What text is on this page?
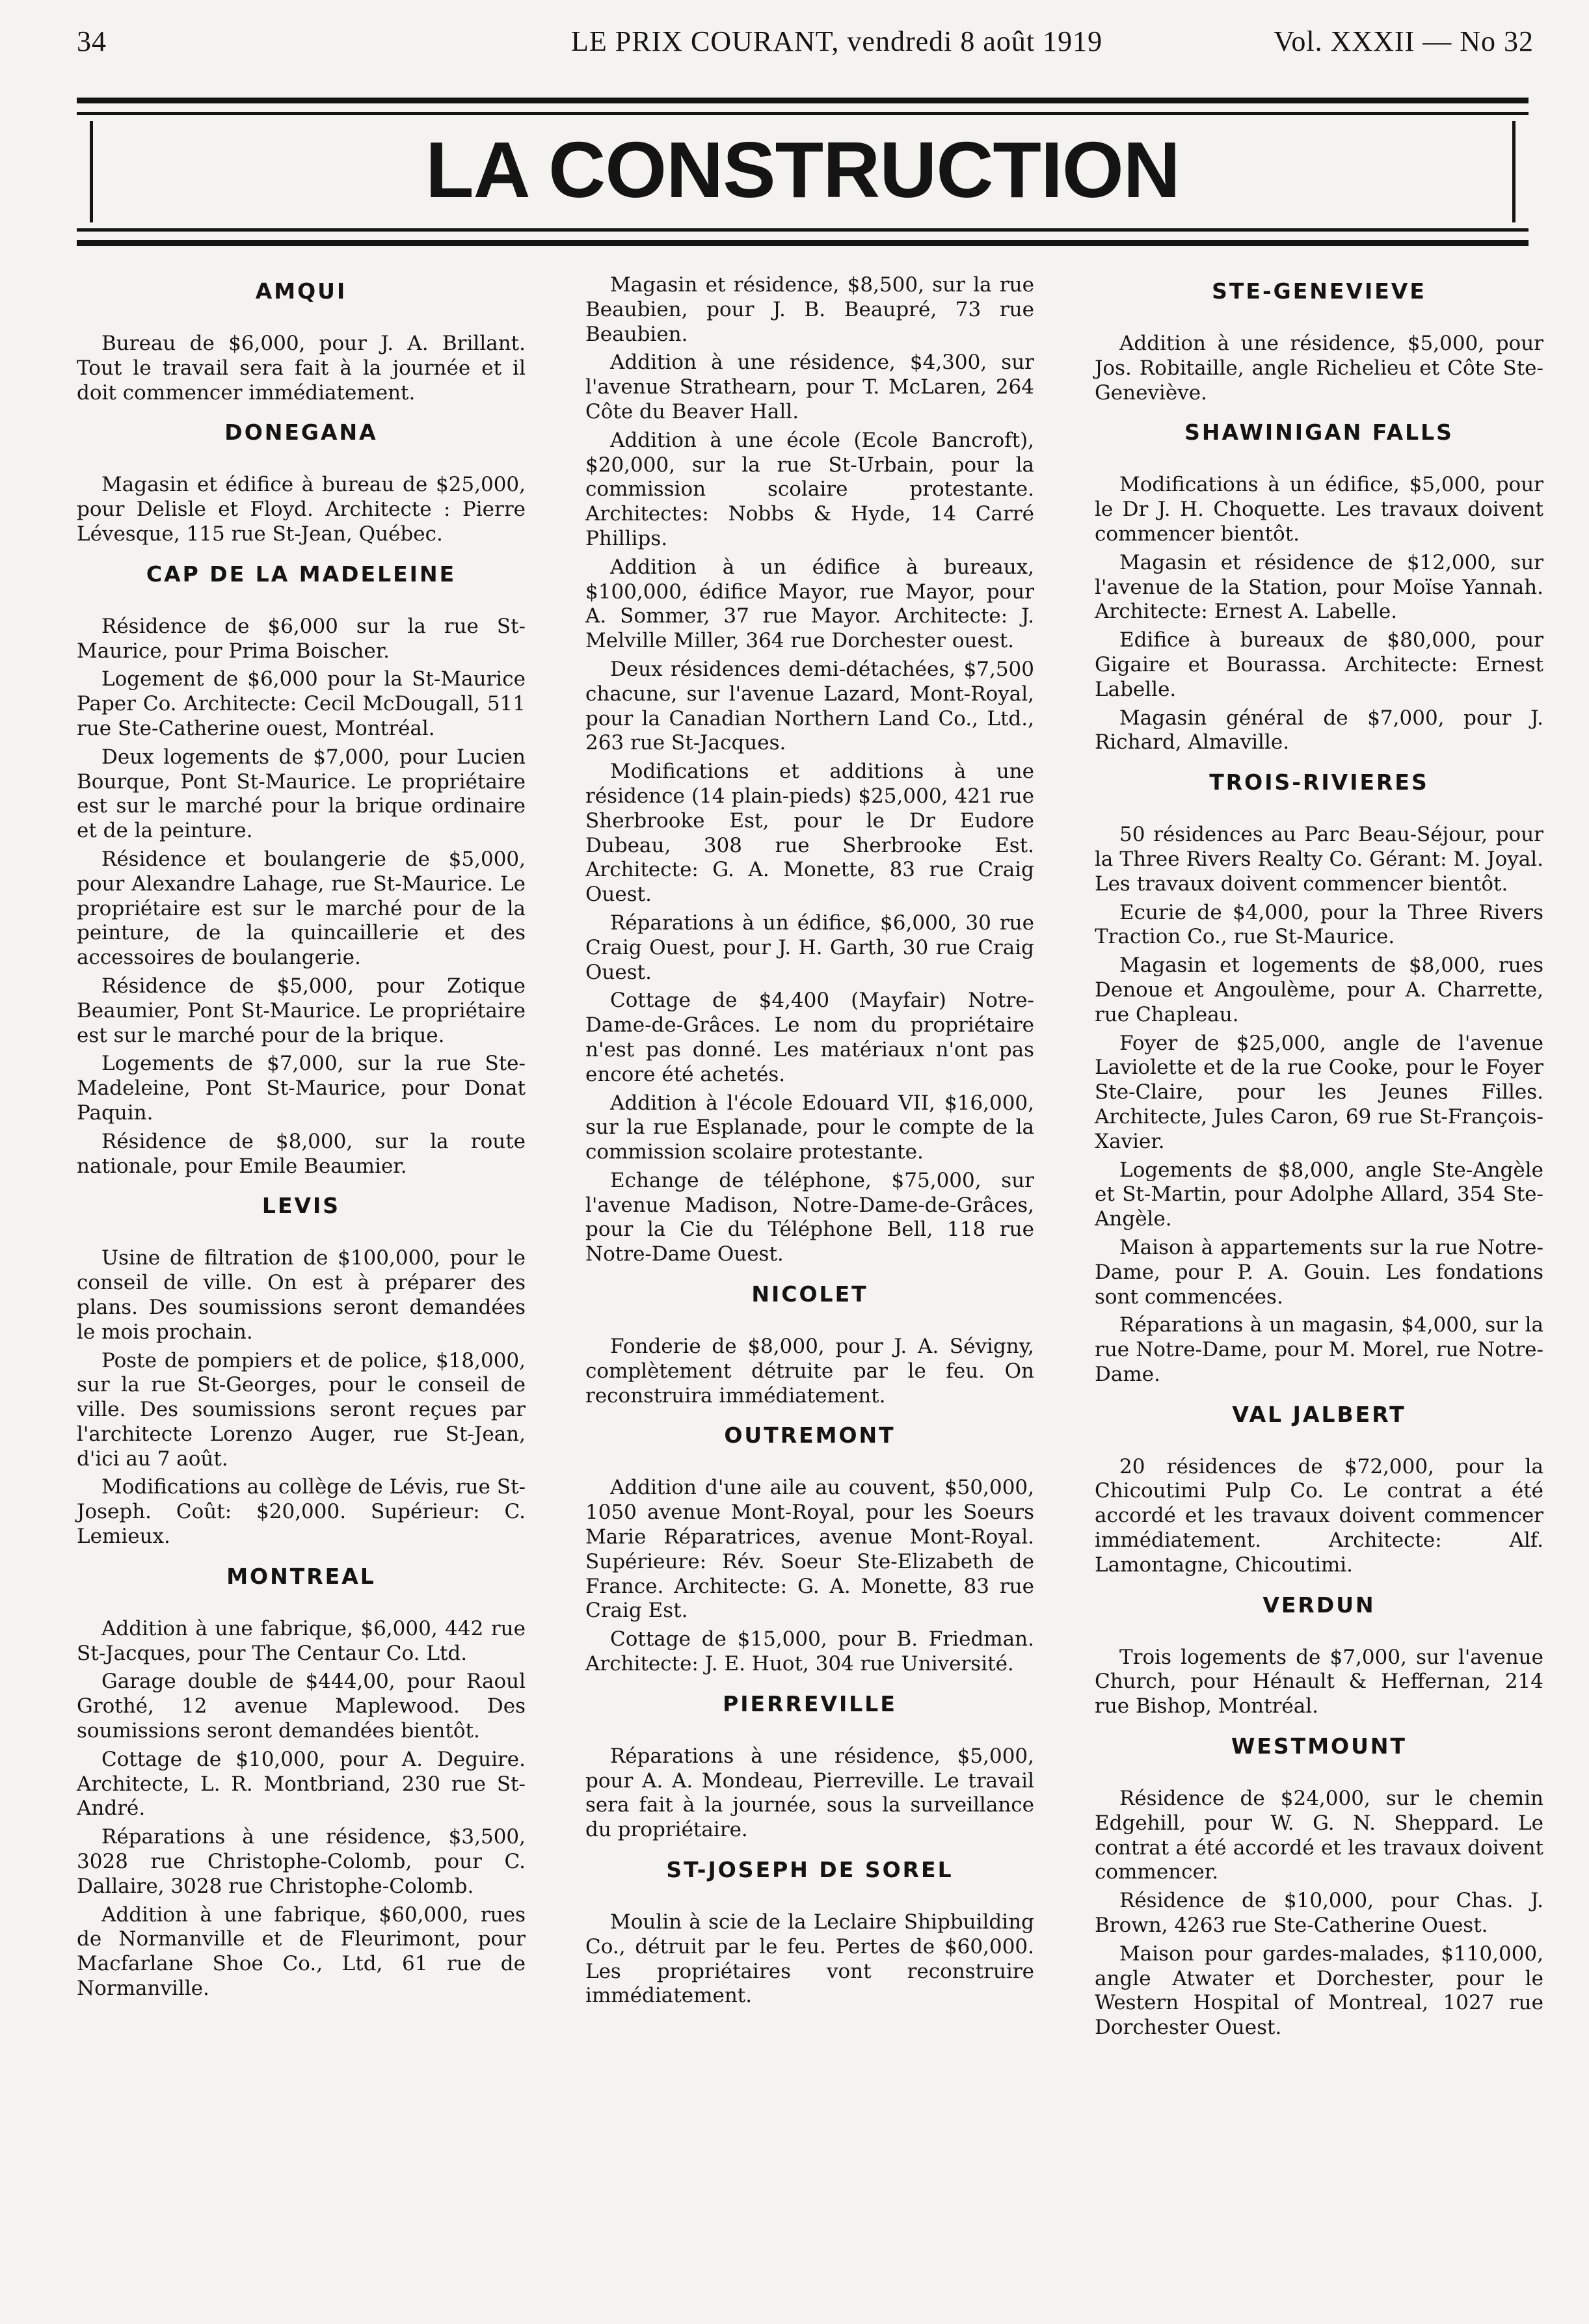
34	LE PRIX COURANT, vendredi 8 août 1919	Vol. XXXII — No 32
LA CONSTRUCTION
AMQUI

Bureau de $6,000, pour J. A. Brillant. Tout le travail sera fait à la journée et il doit commencer immédiatement.

DONEGANA

Magasin et édifice à bureau de $25,000, pour Delisle et Floyd. Architecte : Pierre Lévesque, 115 rue St-Jean, Québec.

CAP DE LA MADELEINE

Résidence de $6,000 sur la rue St-Maurice, pour Prima Boischer.

Logement de $6,000 pour la St-Maurice Paper Co. Architecte: Cecil McDougall, 511 rue Ste-Catherine ouest, Montréal.

Deux logements de $7,000, pour Lucien Bourque, Pont St-Maurice. Le propriétaire est sur le marché pour la brique ordinaire et de la peinture.

Résidence et boulangerie de $5,000, pour Alexandre Lahage, rue St-Maurice. Le propriétaire est sur le marché pour de la peinture, de la quincaillerie et des accessoires de boulangerie.

Résidence de $5,000, pour Zotique Beaumier, Pont St-Maurice. Le propriétaire est sur le marché pour de la brique.

Logements de $7,000, sur la rue Ste-Madeleine, Pont St-Maurice, pour Donat Paquin.

Résidence de $8,000, sur la route nationale, pour Emile Beaumier.

LEVIS

Usine de filtration de $100,000, pour le conseil de ville. On est à préparer des plans. Des soumissions seront demandées le mois prochain.

Poste de pompiers et de police, $18,000, sur la rue St-Georges, pour le conseil de ville. Des soumissions seront reçues par l'architecte Lorenzo Auger, rue St-Jean, d'ici au 7 août.

Modifications au collège de Lévis, rue St-Joseph. Coût: $20,000. Supérieur: C. Lemieux.

MONTREAL

Addition à une fabrique, $6,000, 442 rue St-Jacques, pour The Centaur Co. Ltd.

Garage double de $444,00, pour Raoul Grothé, 12 avenue Maplewood. Des soumissions seront demandées bientôt.

Cottage de $10,000, pour A. Deguire. Architecte, L. R. Montbriand, 230 rue St-André.

Réparations à une résidence, $3,500, 3028 rue Christophe-Colomb, pour C. Dallaire, 3028 rue Christophe-Colomb.

Addition à une fabrique, $60,000, rues de Normanville et de Fleurimont, pour Macfarlane Shoe Co., Ltd, 61 rue de Normanville.

Magasin et résidence, $8,500, sur la rue Beaubien, pour J. B. Beaupré, 73 rue Beaubien.

Addition à une résidence, $4,300, sur l'avenue Strathearn, pour T. McLaren, 264 Côte du Beaver Hall.

Addition à une école (Ecole Bancroft), $20,000, sur la rue St-Urbain, pour la commission scolaire protestante. Architectes: Nobbs & Hyde, 14 Carré Phillips.

Addition à un édifice à bureaux, $100,000, édifice Mayor, rue Mayor, pour A. Sommer, 37 rue Mayor. Architecte: J. Melville Miller, 364 rue Dorchester ouest.

Deux résidences demi-détachées, $7,500 chacune, sur l'avenue Lazard, Mont-Royal, pour la Canadian Northern Land Co., Ltd., 263 rue St-Jacques.

Modifications et additions à une résidence (14 plain-pieds) $25,000, 421 rue Sherbrooke Est, pour le Dr Eudore Dubeau, 308 rue Sherbrooke Est. Architecte: G. A. Monette, 83 rue Craig Ouest.

Réparations à un édifice, $6,000, 30 rue Craig Ouest, pour J. H. Garth, 30 rue Craig Ouest.

Cottage de $4,400 (Mayfair) Notre-Dame-de-Grâces. Le nom du propriétaire n'est pas donné. Les matériaux n'ont pas encore été achetés.

Addition à l'école Edouard VII, $16,000, sur la rue Esplanade, pour le compte de la commission scolaire protestante.

Echange de téléphone, $75,000, sur l'avenue Madison, Notre-Dame-de-Grâces, pour la Cie du Téléphone Bell, 118 rue Notre-Dame Ouest.

NICOLET

Fonderie de $8,000, pour J. A. Sévigny, complètement détruite par le feu. On reconstruira immédiatement.

OUTREMONT

Addition d'une aile au couvent, $50,000, 1050 avenue Mont-Royal, pour les Soeurs Marie Réparatrices, avenue Mont-Royal. Supérieure: Rév. Soeur Ste-Elizabeth de France. Architecte: G. A. Monette, 83 rue Craig Est.

Cottage de $15,000, pour B. Friedman. Architecte: J. E. Huot, 304 rue Université.

PIERREVILLE

Réparations à une résidence, $5,000, pour A. A. Mondeau, Pierreville. Le travail sera fait à la journée, sous la surveillance du propriétaire.

ST-JOSEPH DE SOREL

Moulin à scie de la Leclaire Shipbuilding Co., détruit par le feu. Pertes de $60,000. Les propriétaires vont reconstruire immédiatement.

STE-GENEVIEVE

Addition à une résidence, $5,000, pour Jos. Robitaille, angle Richelieu et Côte Ste-Geneviève.

SHAWINIGAN FALLS

Modifications à un édifice, $5,000, pour le Dr J. H. Choquette. Les travaux doivent commencer bientôt.

Magasin et résidence de $12,000, sur l'avenue de la Station, pour Moïse Yannah. Architecte: Ernest A. Labelle.

Edifice à bureaux de $80,000, pour Gigaire et Bourassa. Architecte: Ernest Labelle.

Magasin général de $7,000, pour J. Richard, Almaville.

TROIS-RIVIERES

50 résidences au Parc Beau-Séjour, pour la Three Rivers Realty Co. Gérant: M. Joyal. Les travaux doivent commencer bientôt.

Ecurie de $4,000, pour la Three Rivers Traction Co., rue St-Maurice.

Magasin et logements de $8,000, rues Denoue et Angoulème, pour A. Charrette, rue Chapleau.

Foyer de $25,000, angle de l'avenue Laviolette et de la rue Cooke, pour le Foyer Ste-Claire, pour les Jeunes Filles. Architecte, Jules Caron, 69 rue St-François-Xavier.

Logements de $8,000, angle Ste-Angèle et St-Martin, pour Adolphe Allard, 354 Ste-Angèle.

Maison à appartements sur la rue Notre-Dame, pour P. A. Gouin. Les fondations sont commencées.

Réparations à un magasin, $4,000, sur la rue Notre-Dame, pour M. Morel, rue Notre-Dame.

VAL JALBERT

20 résidences de $72,000, pour la Chicoutimi Pulp Co. Le contrat a été accordé et les travaux doivent commencer immédiatement. Architecte: Alf. Lamontagne, Chicoutimi.

VERDUN

Trois logements de $7,000, sur l'avenue Church, pour Hénault & Heffernan, 214 rue Bishop, Montréal.

WESTMOUNT

Résidence de $24,000, sur le chemin Edgehill, pour W. G. N. Sheppard. Le contrat a été accordé et les travaux doivent commencer.

Résidence de $10,000, pour Chas. J. Brown, 4263 rue Ste-Catherine Ouest.

Maison pour gardes-malades, $110,000, angle Atwater et Dorchester, pour le Western Hospital of Montreal, 1027 rue Dorchester Ouest.
